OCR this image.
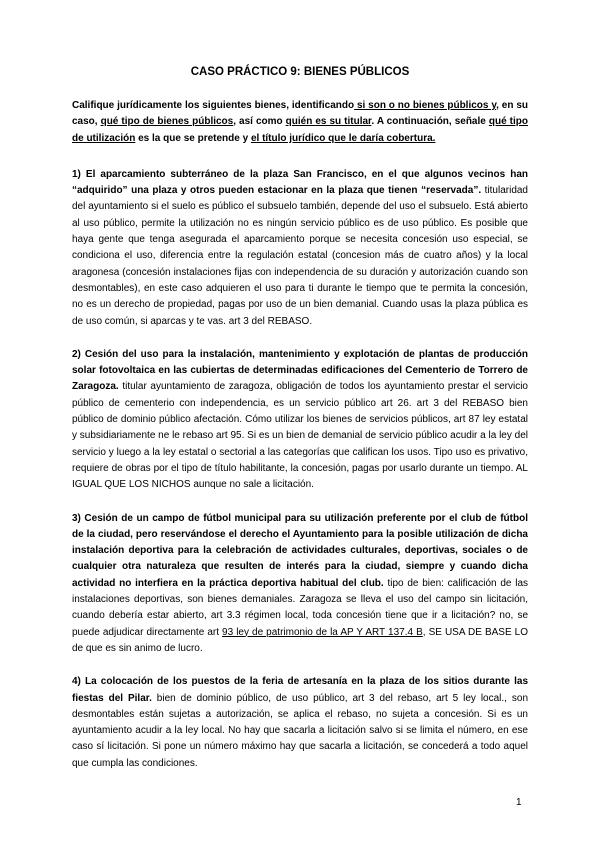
CASO PRÁCTICO 9: BIENES PÚBLICOS

Califique jurídicamente los siguientes bienes, identificando si son o no bienes públicos y, en su caso, qué tipo de bienes públicos, así como quién es su titular. A continuación, señale qué tipo de utilización es la que se pretende y el título jurídico que le daría cobertura.

1) El aparcamiento subterráneo de la plaza San Francisco, en el que algunos vecinos han “adquirido” una plaza y otros pueden estacionar en la plaza que tienen “reservada”. titularidad del ayuntamiento si el suelo es público el subsuelo también, depende del uso el subsuelo. Está abierto al uso público, permite la utilización no es ningún servicio público es de uso público. Es posible que haya gente que tenga asegurada el aparcamiento porque se necesita concesión uso especial, se condiciona el uso, diferencia entre la regulación estatal (concesion más de cuatro años) y la local aragonesa (concesión instalaciones fijas con independencia de su duración y autorización cuando son desmontables), en este caso adquieren el uso para ti durante le tiempo que te permita la concesión, no es un derecho de propiedad, pagas por uso de un bien demanial. Cuando usas la plaza pública es de uso común, si aparcas y te vas. art 3 del REBASO.

2) Cesión del uso para la instalación, mantenimiento y explotación de plantas de producción solar fotovoltaica en las cubiertas de determinadas edificaciones del Cementerio de Torrero de Zaragoza. titular ayuntamiento de zaragoza, obligación de todos los ayuntamiento prestar el servicio público de cementerio con independencia, es un servicio público art 26. art 3 del REBASO bien público de dominio público afectación. Cómo utilizar los bienes de servicios públicos, art 87 ley estatal y subsidiariamente ne le rebaso art 95. Si es un bien de demanial de servicio público acudir a la ley del servicio y luego a la ley estatal o sectorial a las categorías que califican los usos. Tipo uso es privativo, requiere de obras por el tipo de título habilitante, la concesión, pagas por usarlo durante un tiempo. AL IGUAL QUE LOS NICHOS aunque no sale a licitación.

3) Cesión de un campo de fútbol municipal para su utilización preferente por el club de fútbol de la ciudad, pero reservándose el derecho el Ayuntamiento para la posible utilización de dicha instalación deportiva para la celebración de actividades culturales, deportivas, sociales o de cualquier otra naturaleza que resulten de interés para la ciudad, siempre y cuando dicha actividad no interfiera en la práctica deportiva habitual del club. tipo de bien: calificación de las instalaciones deportivas, son bienes demaniales. Zaragoza se lleva el uso del campo sin licitación, cuando debería estar abierto, art 3.3 régimen local, toda concesión tiene que ir a licitación? no, se puede adjudicar directamente art 93 ley de patrimonio de la AP Y ART 137.4 B, SE USA DE BASE LO de que es sin animo de lucro.

4) La colocación de los puestos de la feria de artesanía en la plaza de los sitios durante las fiestas del Pilar. bien de dominio público, de uso público, art 3 del rebaso, art 5 ley local., son desmontables están sujetas a autorización, se aplica el rebaso, no sujeta a concesión. Si es un ayuntamiento acudir a la ley local. No hay que sacarla a licitación salvo si se limita el número, en ese caso sí licitación. Si pone un número máximo hay que sacarla a licitación, se concederá a todo aquel que cumpla las condiciones.

1
